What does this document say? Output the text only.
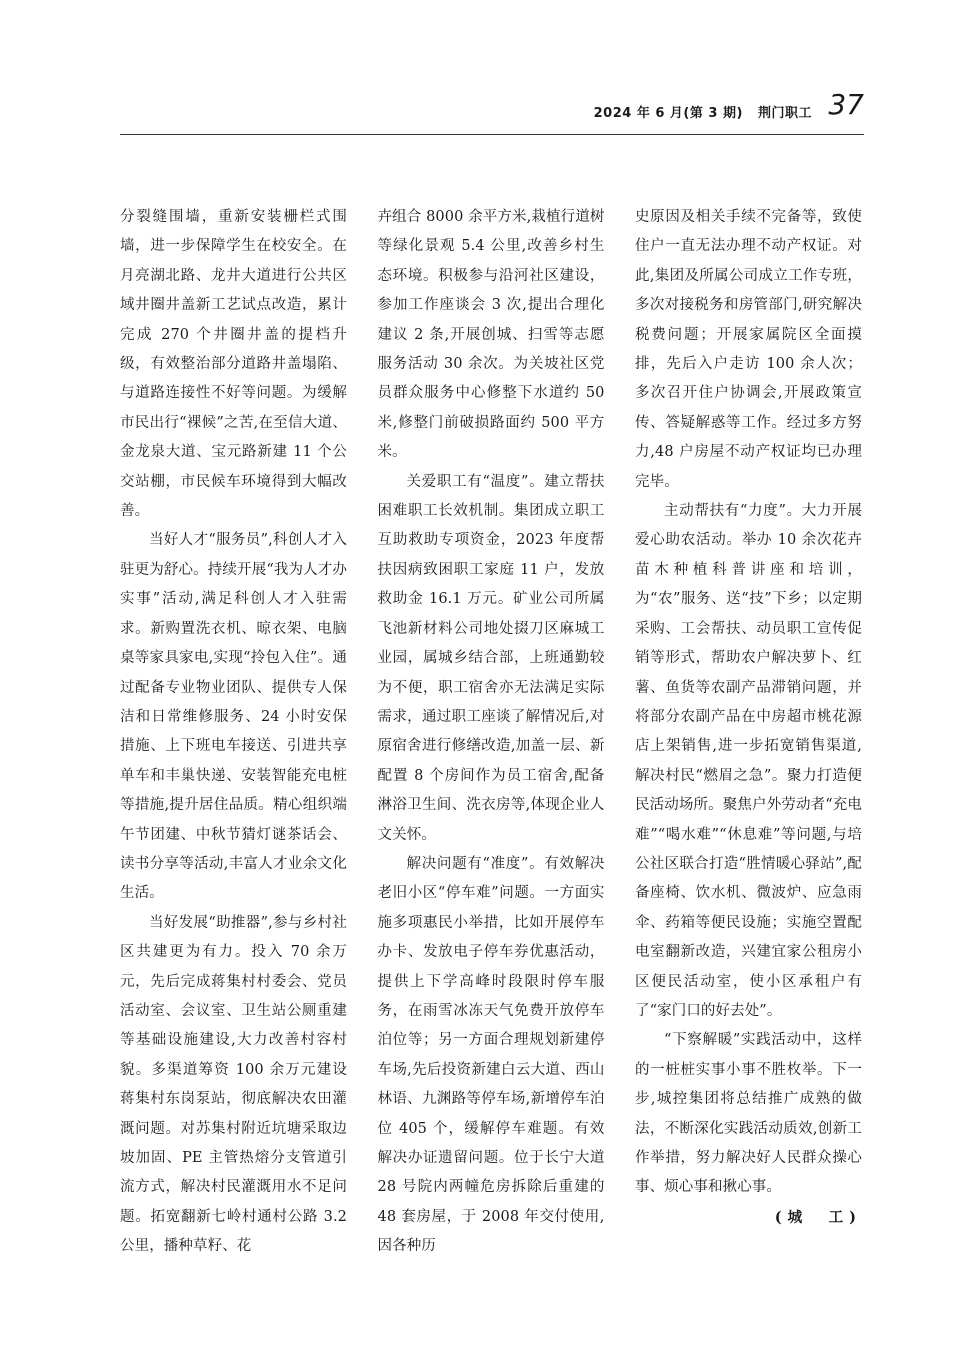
2024 年 6 月(第 3 期) 荆门职工 37

分裂缝围墙，重新安装栅栏式围墙，进一步保障学生在校安全。在月亮湖北路、龙井大道进行公共区域井圈井盖新工艺试点改造，累计完成 270 个井圈井盖的提档升级，有效整治部分道路井盖塌陷、与道路连接性不好等问题。为缓解市民出行“裸候”之苦,在至信大道、金龙泉大道、宝元路新建 11 个公交站棚，市民候车环境得到大幅改善。

当好人才“服务员”,科创人才入驻更为舒心。持续开展“我为人才办实事”活动,满足科创人才入驻需求。新购置洗衣机、晾衣架、电脑桌等家具家电,实现“拎包入住”。通过配备专业物业团队、提供专人保洁和日常维修服务、24 小时安保措施、上下班电车接送、引进共享单车和丰巢快递、安装智能充电桩等措施,提升居住品质。精心组织端午节团建、中秋节猜灯谜茶话会、读书分享等活动,丰富人才业余文化生活。

当好发展“助推器”,参与乡村社区共建更为有力。投入 70 余万元，先后完成蒋集村村委会、党员活动室、会议室、卫生站公厕重建等基础设施建设,大力改善村容村貌。多渠道筹资 100 余万元建设蒋集村东岗泵站，彻底解决农田灌溉问题。对苏集村附近坑塘采取边坡加固、PE 主管热熔分支管道引流方式，解决村民灌溉用水不足问题。拓宽翻新七岭村通村公路 3.2 公里，播种草籽、花

卉组合 8000 余平方米,栽植行道树等绿化景观 5.4 公里,改善乡村生态环境。积极参与沿河社区建设，参加工作座谈会 3 次,提出合理化建议 2 条,开展创城、扫雪等志愿服务活动 30 余次。为关坡社区党员群众服务中心修整下水道约 50 米,修整门前破损路面约 500 平方米。

关爱职工有“温度”。建立帮扶困难职工长效机制。集团成立职工互助救助专项资金，2023 年度帮扶因病致困职工家庭 11 户，发放救助金 16.1 万元。矿业公司所属飞池新材料公司地处掇刀区麻城工业园，属城乡结合部，上班通勤较为不便，职工宿舍亦无法满足实际需求，通过职工座谈了解情况后,对原宿舍进行修缮改造,加盖一层、新配置 8 个房间作为员工宿舍,配备淋浴卫生间、洗衣房等,体现企业人文关怀。

解决问题有“准度”。有效解决老旧小区“停车难”问题。一方面实施多项惠民小举措，比如开展停车办卡、发放电子停车券优惠活动，提供上下学高峰时段限时停车服务，在雨雪冰冻天气免费开放停车泊位等；另一方面合理规划新建停车场,先后投资新建白云大道、西山林语、九渊路等停车场,新增停车泊位 405 个，缓解停车难题。有效解决办证遗留问题。位于长宁大道 28 号院内两幢危房拆除后重建的 48 套房屋，于 2008 年交付使用,因各种历

史原因及相关手续不完备等，致使住户一直无法办理不动产权证。对此,集团及所属公司成立工作专班，多次对接税务和房管部门,研究解决税费问题；开展家属院区全面摸排，先后入户走访 100 余人次；多次召开住户协调会,开展政策宣传、答疑解惑等工作。经过多方努力,48 户房屋不动产权证均已办理完毕。

主动帮扶有“力度”。大力开展爱心助农活动。举办 10 余次花卉苗木种植科普讲座和培训，为“农”服务、送“技”下乡；以定期采购、工会帮扶、动员职工宣传促销等形式，帮助农户解决萝卜、红薯、鱼货等农副产品滞销问题，并将部分农副产品在中房超市桃花源店上架销售,进一步拓宽销售渠道,解决村民“燃眉之急”。聚力打造便民活动场所。聚焦户外劳动者“充电难”“喝水难”“休息难”等问题,与培公社区联合打造“胜情暖心驿站”,配备座椅、饮水机、微波炉、应急雨伞、药箱等便民设施；实施空置配电室翻新改造，兴建宜家公租房小区便民活动室，使小区承租户有了“家门口的好去处”。

“下察解暖”实践活动中，这样的一桩桩实事小事不胜枚举。下一步,城控集团将总结推广成熟的做法，不断深化实践活动质效,创新工作举措，努力解决好人民群众操心事、烦心事和揪心事。

(城　工)
